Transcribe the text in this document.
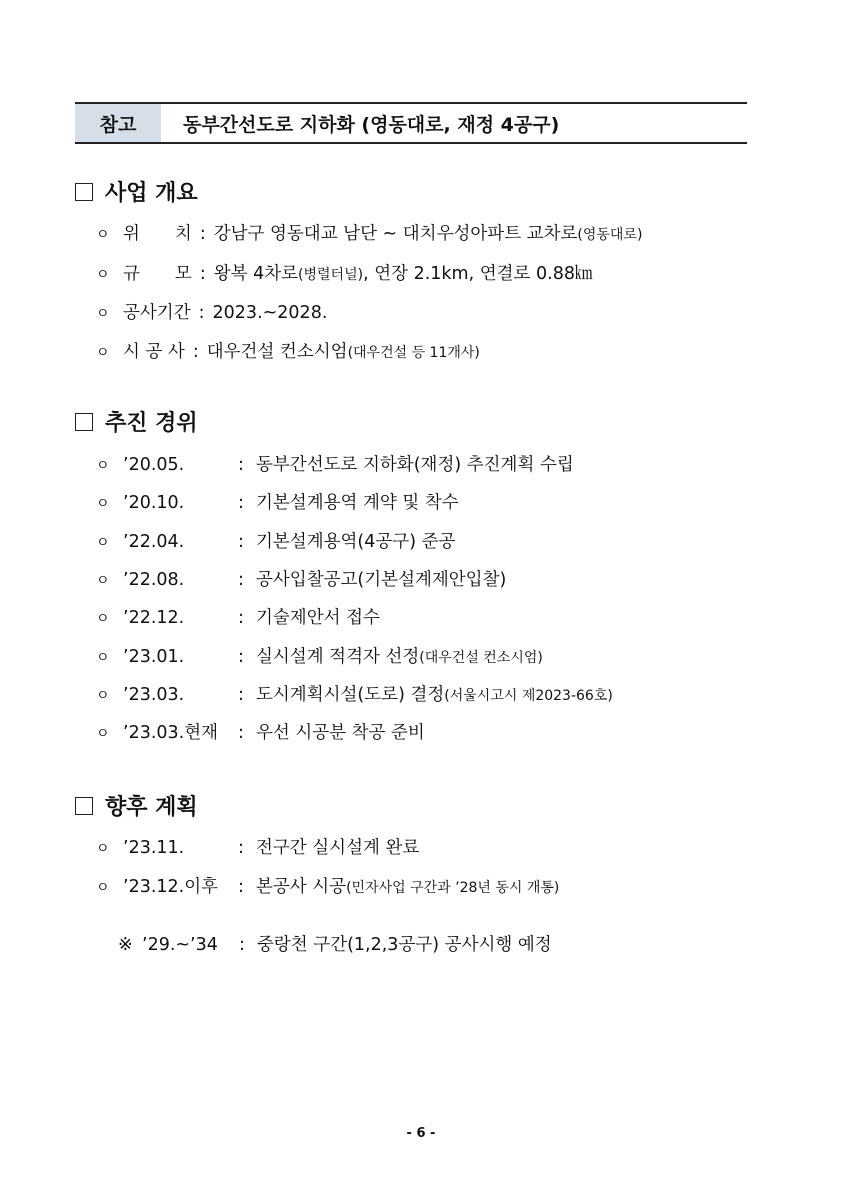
참고	동부간선도로 지하화 (영동대로, 재정 4공구)
사업 개요
ㅇ 위　　치 : 강남구 영동대교 남단 ~ 대치우성아파트 교차로 (영동대로)
ㅇ 규　　모 : 왕복 4차로 (병렬터널) , 연장 2.1km, 연결로 0.88㎞
ㅇ 공사기간 : 2023.~2028.
ㅇ 시 공 사 : 대우건설 컨소시엄 (대우건설 등 11개사)
추진 경위
ㅇ ’20.05.	: 동부간선도로 지하화(재정) 추진계획 수립
ㅇ ’20.10.	: 기본설계용역 계약 및 착수
ㅇ ’22.04.	: 기본설계용역(4공구) 준공
ㅇ ’22.08.	: 공사입찰공고(기본설계제안입찰)
ㅇ ’22.12.	: 기술제안서 접수
ㅇ ’23.01.	: 실시설계 적격자 선정 (대우건설 컨소시엄)
ㅇ ’23.03.	: 도시계획시설(도로) 결정 (서울시고시 제2023-66호)
ㅇ ’23.03.현재	: 우선 시공분 착공 준비
향후 계획
ㅇ ’23.11.	: 전구간 실시설계 완료
ㅇ ’23.12.이후	: 본공사 시공 (민자사업 구간과 ’28년 동시 개통)
※ ’29.~’34	: 중랑천 구간(1,2,3공구) 공사시행 예정
- 6 -
